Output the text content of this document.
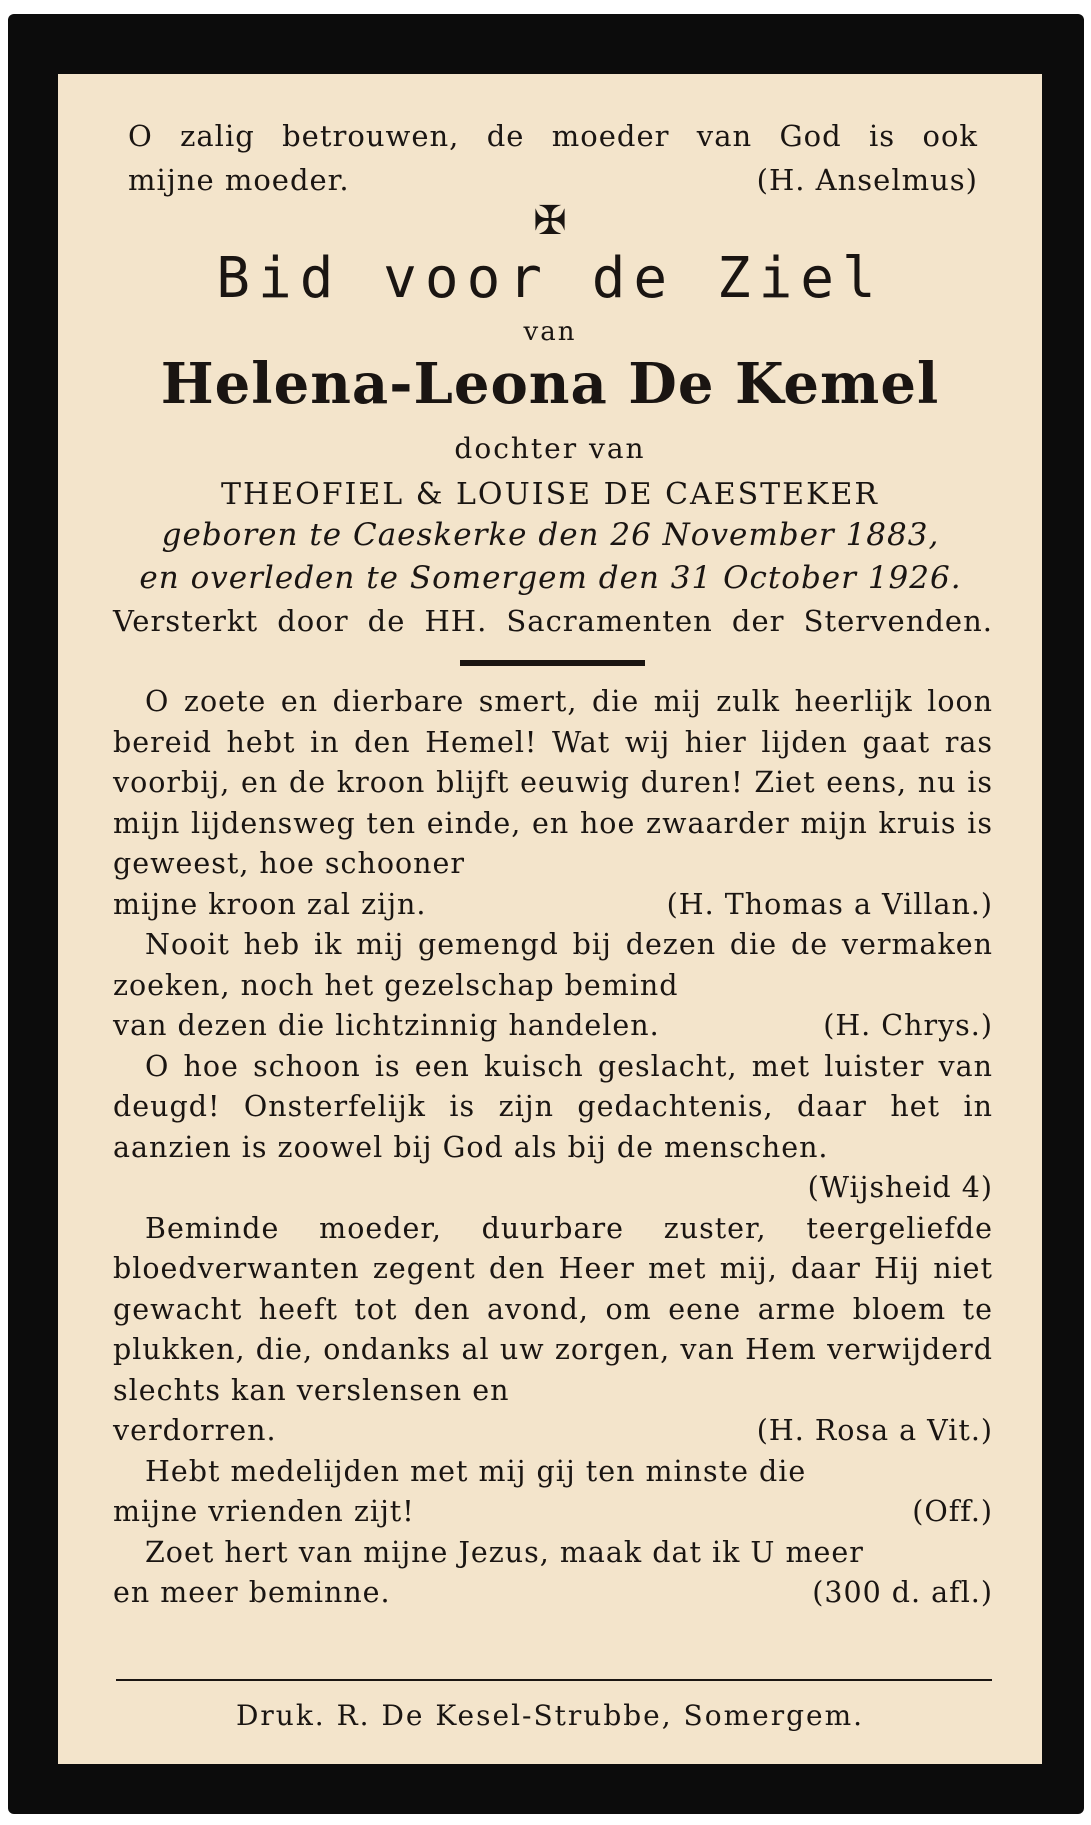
O zalig betrouwen, de moeder van God is ook
mijne moeder.	(H. Anselmus)
✠
Bid voor de Ziel
van
Helena-Leona De Kemel
dochter van
THEOFIEL & LOUISE DE CAESTEKER
geboren te Caeskerke den 26 November 1883,
en overleden te Somergem den 31 October 1926.
Versterkt door de HH. Sacramenten der Stervenden.
O zoete en dierbare smert, die mij zulk heerlijk loon bereid hebt in den Hemel! Wat wij hier lijden gaat ras voorbij, en de kroon blijft eeuwig duren! Ziet eens, nu is mijn lijdensweg ten einde, en hoe zwaarder mijn kruis is geweest, hoe schooner
mijne kroon zal zijn.	(H. Thomas a Villan.)
Nooit heb ik mij gemengd bij dezen die de vermaken zoeken, noch het gezelschap bemind
van dezen die lichtzinnig handelen.	(H. Chrys.)
O hoe schoon is een kuisch geslacht, met luister van deugd! Onsterfelijk is zijn gedachtenis, daar het in aanzien is zoowel bij God als bij de menschen.
(Wijsheid 4)
Beminde moeder, duurbare zuster, teergeliefde bloedverwanten zegent den Heer met mij, daar Hij niet gewacht heeft tot den avond, om eene arme bloem te plukken, die, ondanks al uw zorgen, van Hem verwijderd slechts kan verslensen en
verdorren.	(H. Rosa a Vit.)
Hebt medelijden met mij gij ten minste die
mijne vrienden zijt!	(Off.)
Zoet hert van mijne Jezus, maak dat ik U meer
en meer beminne.	(300 d. afl.)
Druk. R. De Kesel-Strubbe, Somergem.
